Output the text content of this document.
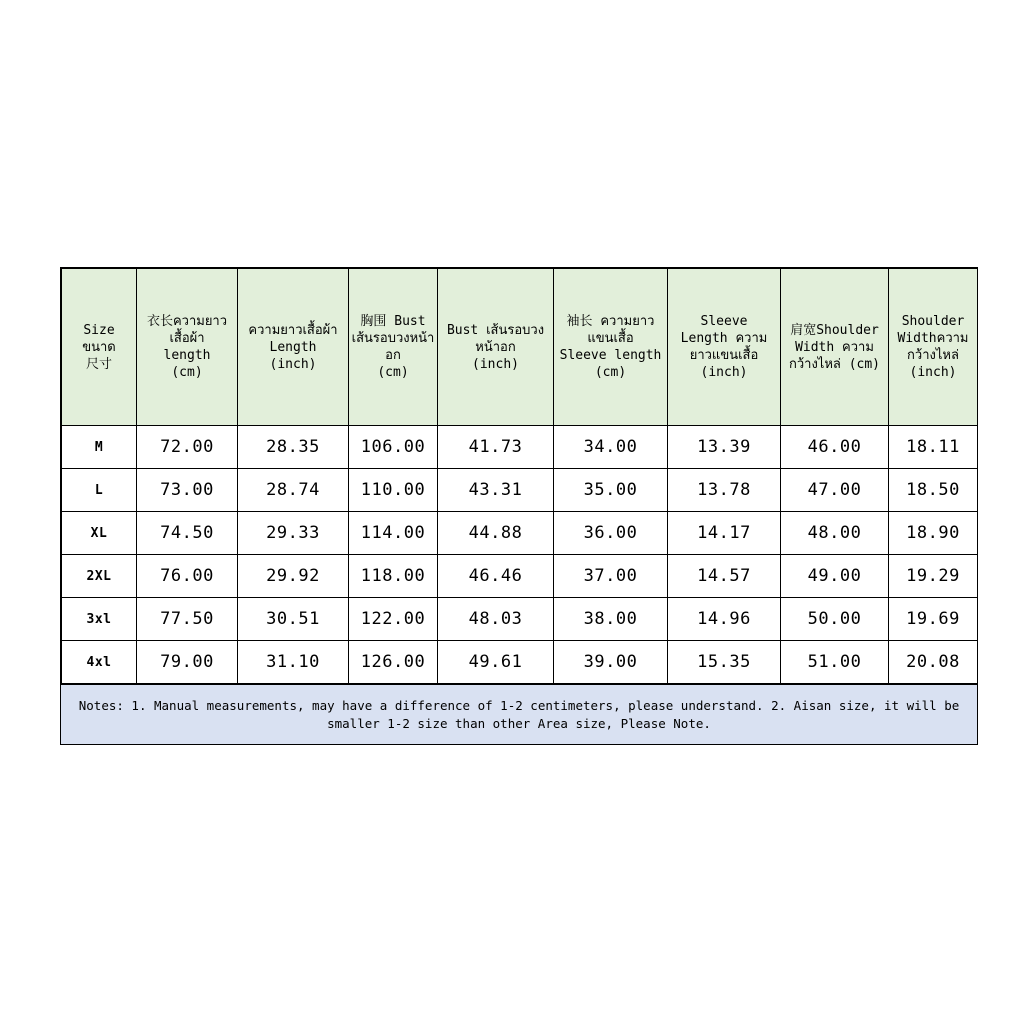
Size
ขนาด
尺寸	衣长ความยาว
เสื้อผ้า
length
(cm)	ความยาวเสื้อผ้า
Length
(inch)	胸围 Bust
เส้นรอบวงหน้า
อก
(cm)	Bust เส้นรอบวง
หน้าอก
(inch)	袖长 ความยาว
แขนเสื้อ
Sleeve length
(cm)	Sleeve
Length ความ
ยาวแขนเสื้อ
(inch)	肩宽Shoulder
Width ความ
กว้างไหล่ (cm)	Shoulder
Widthความ
กว้างไหล่
(inch)

M	72.00	28.35	106.00	41.73	34.00	13.39	46.00	18.11
L	73.00	28.74	110.00	43.31	35.00	13.78	47.00	18.50
XL	74.50	29.33	114.00	44.88	36.00	14.17	48.00	18.90
2XL	76.00	29.92	118.00	46.46	37.00	14.57	49.00	19.29
3xl	77.50	30.51	122.00	48.03	38.00	14.96	50.00	19.69
4xl	79.00	31.10	126.00	49.61	39.00	15.35	51.00	20.08
Notes: 1. Manual measurements, may have a difference of 1-2 centimeters, please understand. 2. Aisan size, it will be smaller 1-2 size than other Area size, Please Note.
